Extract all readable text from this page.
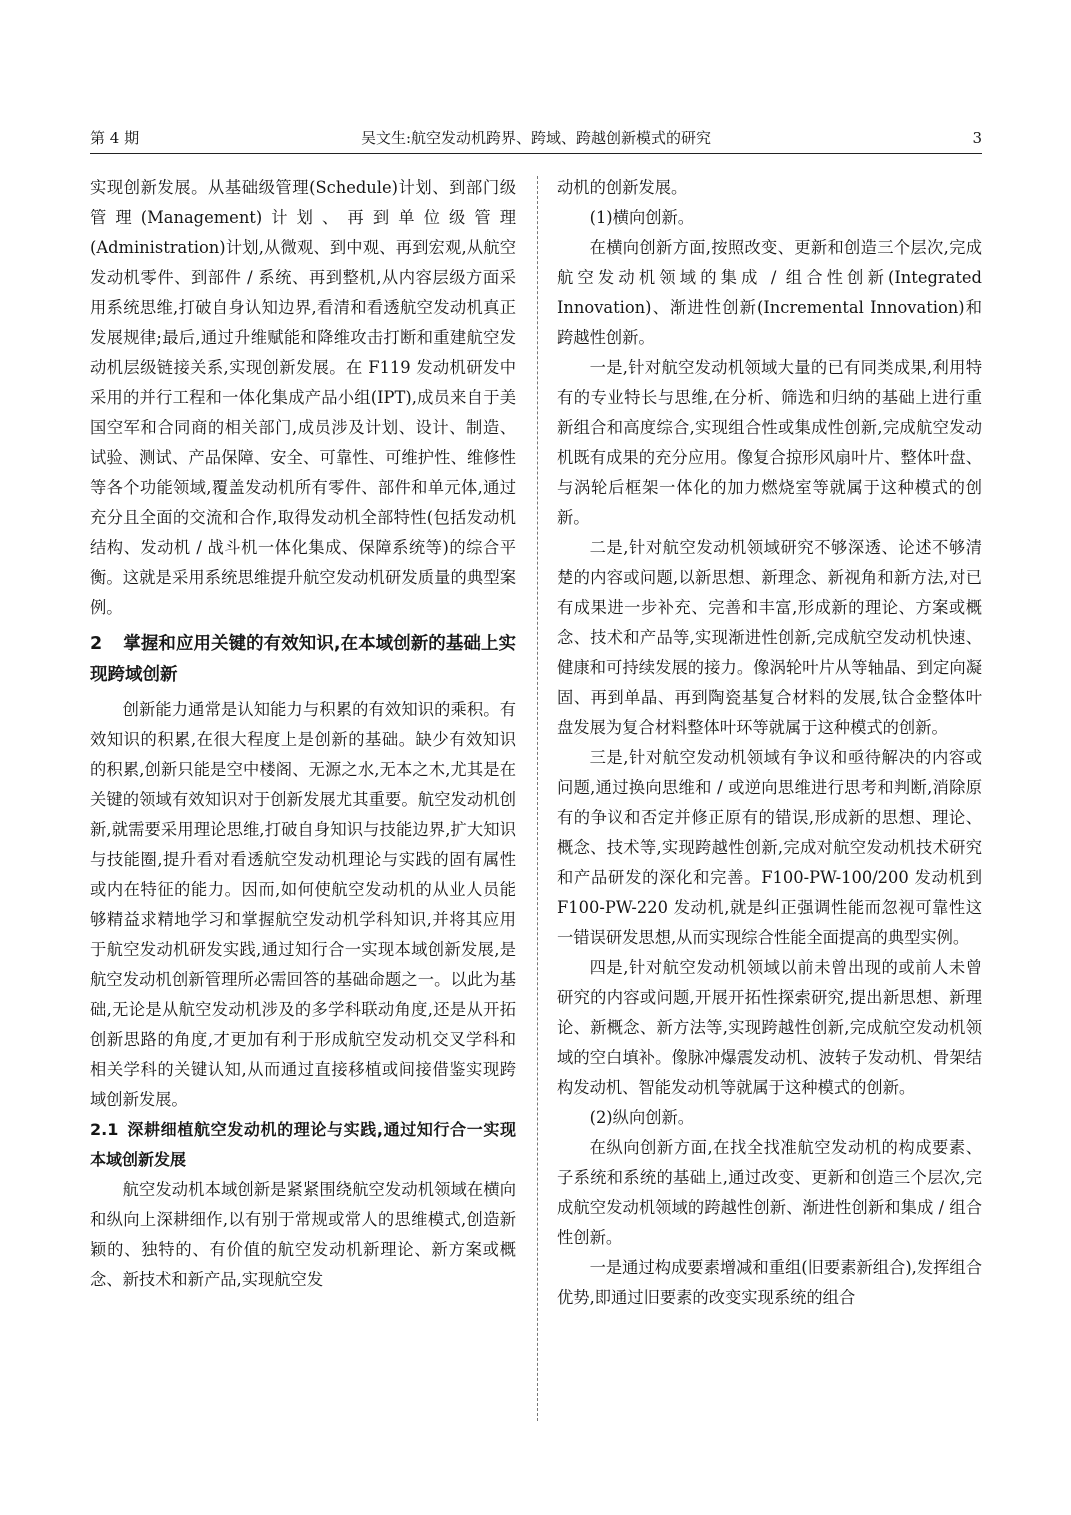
吴文生:航空发动机跨界、跨域、跨越创新模式的研究
第 4 期	3

实现创新发展。从基础级管理(Schedule)计划、到部门级管理(Management)计划、再到单位级管理(Administration)计划,从微观、到中观、再到宏观,从航空发动机零件、到部件 / 系统、再到整机,从内容层级方面采用系统思维,打破自身认知边界,看清和看透航空发动机真正发展规律;最后,通过升维赋能和降维攻击打断和重建航空发动机层级链接关系,实现创新发展。在 F119 发动机研发中采用的并行工程和一体化集成产品小组(IPT),成员来自于美国空军和合同商的相关部门,成员涉及计划、设计、制造、试验、测试、产品保障、安全、可靠性、可维护性、维修性等各个功能领域,覆盖发动机所有零件、部件和单元体,通过充分且全面的交流和合作,取得发动机全部特性(包括发动机结构、发动机 / 战斗机一体化集成、保障系统等)的综合平衡。这就是采用系统思维提升航空发动机研发质量的典型案例。

2 掌握和应用关键的有效知识,在本域创新的基础上实现跨域创新

创新能力通常是认知能力与积累的有效知识的乘积。有效知识的积累,在很大程度上是创新的基础。缺少有效知识的积累,创新只能是空中楼阁、无源之水,无本之木,尤其是在关键的领域有效知识对于创新发展尤其重要。航空发动机创新,就需要采用理论思维,打破自身知识与技能边界,扩大知识与技能圈,提升看对看透航空发动机理论与实践的固有属性或内在特征的能力。因而,如何使航空发动机的从业人员能够精益求精地学习和掌握航空发动机学科知识,并将其应用于航空发动机研发实践,通过知行合一实现本域创新发展,是航空发动机创新管理所必需回答的基础命题之一。以此为基础,无论是从航空发动机涉及的多学科联动角度,还是从开拓创新思路的角度,才更加有利于形成航空发动机交叉学科和相关学科的关键认知,从而通过直接移植或间接借鉴实现跨域创新发展。

2.1 深耕细植航空发动机的理论与实践,通过知行合一实现本域创新发展

航空发动机本域创新是紧紧围绕航空发动机领域在横向和纵向上深耕细作,以有别于常规或常人的思维模式,创造新颖的、独特的、有价值的航空发动机新理论、新方案或概念、新技术和新产品,实现航空发

动机的创新发展。

(1)横向创新。

在横向创新方面,按照改变、更新和创造三个层次,完成航空发动机领域的集成 / 组合性创新(Integrated Innovation)、渐进性创新(Incremental Innovation)和跨越性创新。

一是,针对航空发动机领域大量的已有同类成果,利用特有的专业特长与思维,在分析、筛选和归纳的基础上进行重新组合和高度综合,实现组合性或集成性创新,完成航空发动机既有成果的充分应用。像复合掠形风扇叶片、整体叶盘、与涡轮后框架一体化的加力燃烧室等就属于这种模式的创新。

二是,针对航空发动机领域研究不够深透、论述不够清楚的内容或问题,以新思想、新理念、新视角和新方法,对已有成果进一步补充、完善和丰富,形成新的理论、方案或概念、技术和产品等,实现渐进性创新,完成航空发动机快速、健康和可持续发展的接力。像涡轮叶片从等轴晶、到定向凝固、再到单晶、再到陶瓷基复合材料的发展,钛合金整体叶盘发展为复合材料整体叶环等就属于这种模式的创新。

三是,针对航空发动机领域有争议和亟待解决的内容或问题,通过换向思维和 / 或逆向思维进行思考和判断,消除原有的争议和否定并修正原有的错误,形成新的思想、理论、概念、技术等,实现跨越性创新,完成对航空发动机技术研究和产品研发的深化和完善。F100-PW-100/200 发动机到 F100-PW-220 发动机,就是纠正强调性能而忽视可靠性这一错误研发思想,从而实现综合性能全面提高的典型实例。

四是,针对航空发动机领域以前未曾出现的或前人未曾研究的内容或问题,开展开拓性探索研究,提出新思想、新理论、新概念、新方法等,实现跨越性创新,完成航空发动机领域的空白填补。像脉冲爆震发动机、波转子发动机、骨架结构发动机、智能发动机等就属于这种模式的创新。

(2)纵向创新。

在纵向创新方面,在找全找准航空发动机的构成要素、子系统和系统的基础上,通过改变、更新和创造三个层次,完成航空发动机领域的跨越性创新、渐进性创新和集成 / 组合性创新。

一是通过构成要素增减和重组(旧要素新组合),发挥组合优势,即通过旧要素的改变实现系统的组合
